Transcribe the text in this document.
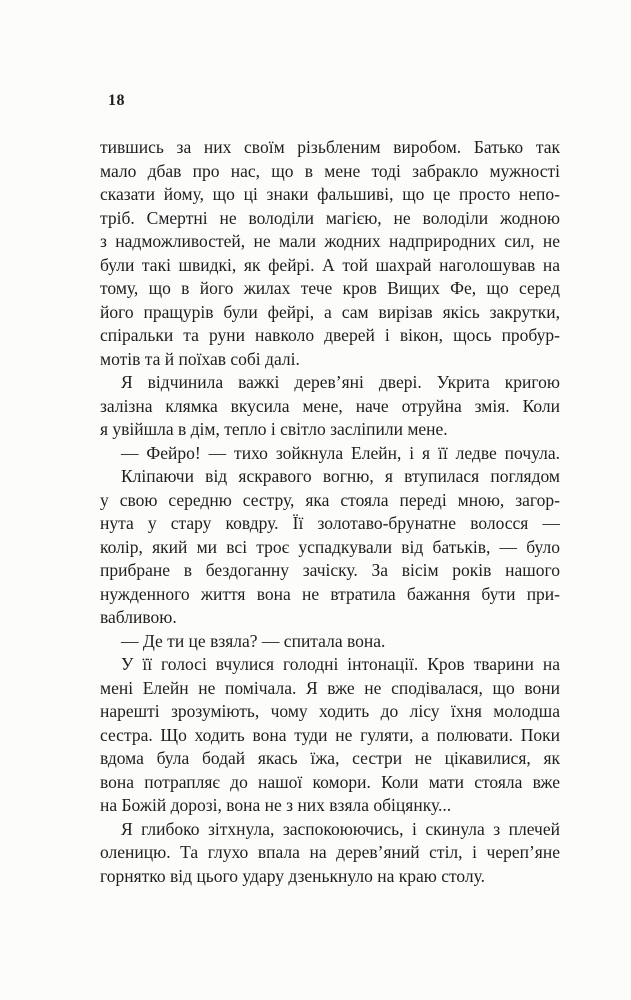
18
тившись за них своїм різьбленим виробом. Батько так
мало дбав про нас, що в мене тоді забракло мужності
сказати йому, що ці знаки фальшиві, що це просто непо-
тріб. Смертні не володіли магією, не володіли жодною
з надможливостей, не мали жодних надприродних сил, не
були такі швидкі, як фейрі. А той шахрай наголошував на
тому, що в його жилах тече кров Вищих Фе, що серед
його пращурів були фейрі, а сам вирізав якісь закрутки,
спіральки та руни навколо дверей і вікон, щось пробур-
мотів та й поїхав собі далі.
Я відчинила важкі дерев’яні двері. Укрита кригою
залізна клямка вкусила мене, наче отруйна змія. Коли
я увійшла в дім, тепло і світло засліпили мене.
— Фейро! — тихо зойкнула Елейн, і я її ледве почула.
Кліпаючи від яскравого вогню, я втупилася поглядом
у свою середню сестру, яка стояла переді мною, загор-
нута у стару ковдру. Її золотаво-брунатне волосся —
колір, який ми всі троє успадкували від батьків, — було
прибране в бездоганну зачіску. За вісім років нашого
нужденного життя вона не втратила бажання бути при-
вабливою.
— Де ти це взяла? — спитала вона.
У її голосі вчулися голодні інтонації. Кров тварини на
мені Елейн не помічала. Я вже не сподівалася, що вони
нарешті зрозуміють, чому ходить до лісу їхня молодша
сестра. Що ходить вона туди не гуляти, а полювати. Поки
вдома була бодай якась їжа, сестри не цікавилися, як
вона потрапляє до нашої комори. Коли мати стояла вже
на Божій дорозі, вона не з них взяла обіцянку...
Я глибоко зітхнула, заспокоюючись, і скинула з плечей
оленицю. Та глухо впала на дерев’яний стіл, і череп’яне
горнятко від цього удару дзенькнуло на краю столу.
